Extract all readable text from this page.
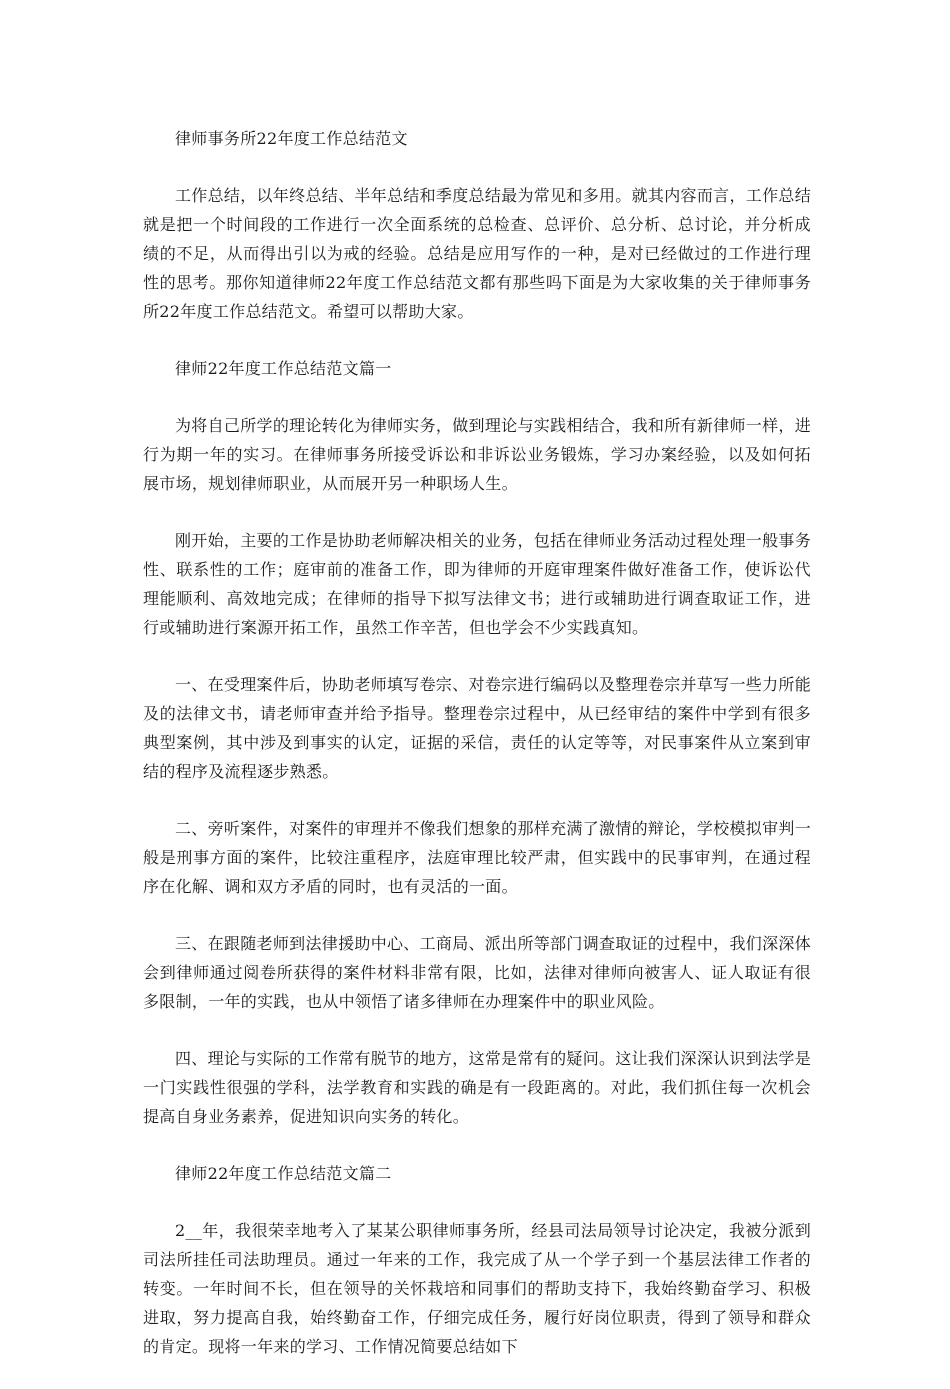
律师事务所22年度工作总结范文

工作总结，以年终总结、半年总结和季度总结最为常见和多用。就其内容而言，工作总结就是把一个时间段的工作进行一次全面系统的总检查、总评价、总分析、总讨论，并分析成绩的不足，从而得出引以为戒的经验。总结是应用写作的一种，是对已经做过的工作进行理性的思考。那你知道律师22年度工作总结范文都有那些吗下面是为大家收集的关于律师事务所22年度工作总结范文。希望可以帮助大家。

律师22年度工作总结范文篇一

为将自己所学的理论转化为律师实务，做到理论与实践相结合，我和所有新律师一样，进行为期一年的实习。在律师事务所接受诉讼和非诉讼业务锻炼，学习办案经验，以及如何拓展市场，规划律师职业，从而展开另一种职场人生。

刚开始，主要的工作是协助老师解决相关的业务，包括在律师业务活动过程处理一般事务性、联系性的工作；庭审前的准备工作，即为律师的开庭审理案件做好准备工作，使诉讼代理能顺利、高效地完成；在律师的指导下拟写法律文书；进行或辅助进行调查取证工作，进行或辅助进行案源开拓工作，虽然工作辛苦，但也学会不少实践真知。

一、在受理案件后，协助老师填写卷宗、对卷宗进行编码以及整理卷宗并草写一些力所能及的法律文书，请老师审查并给予指导。整理卷宗过程中，从已经审结的案件中学到有很多典型案例，其中涉及到事实的认定，证据的采信，责任的认定等等，对民事案件从立案到审结的程序及流程逐步熟悉。

二、旁听案件，对案件的审理并不像我们想象的那样充满了激情的辩论，学校模拟审判一般是刑事方面的案件，比较注重程序，法庭审理比较严肃，但实践中的民事审判，在通过程序在化解、调和双方矛盾的同时，也有灵活的一面。

三、在跟随老师到法律援助中心、工商局、派出所等部门调查取证的过程中，我们深深体会到律师通过阅卷所获得的案件材料非常有限，比如，法律对律师向被害人、证人取证有很多限制，一年的实践，也从中领悟了诸多律师在办理案件中的职业风险。

四、理论与实际的工作常有脱节的地方，这常是常有的疑问。这让我们深深认识到法学是一门实践性很强的学科，法学教育和实践的确是有一段距离的。对此，我们抓住每一次机会提高自身业务素养，促进知识向实务的转化。

律师22年度工作总结范文篇二

2__年，我很荣幸地考入了某某公职律师事务所，经县司法局领导讨论决定，我被分派到司法所挂任司法助理员。通过一年来的工作，我完成了从一个学子到一个基层法律工作者的转变。一年时间不长，但在领导的关怀栽培和同事们的帮助支持下，我始终勤奋学习、积极进取，努力提高自我，始终勤奋工作，仔细完成任务，履行好岗位职责，得到了领导和群众的肯定。现将一年来的学习、工作情况简要总结如下
